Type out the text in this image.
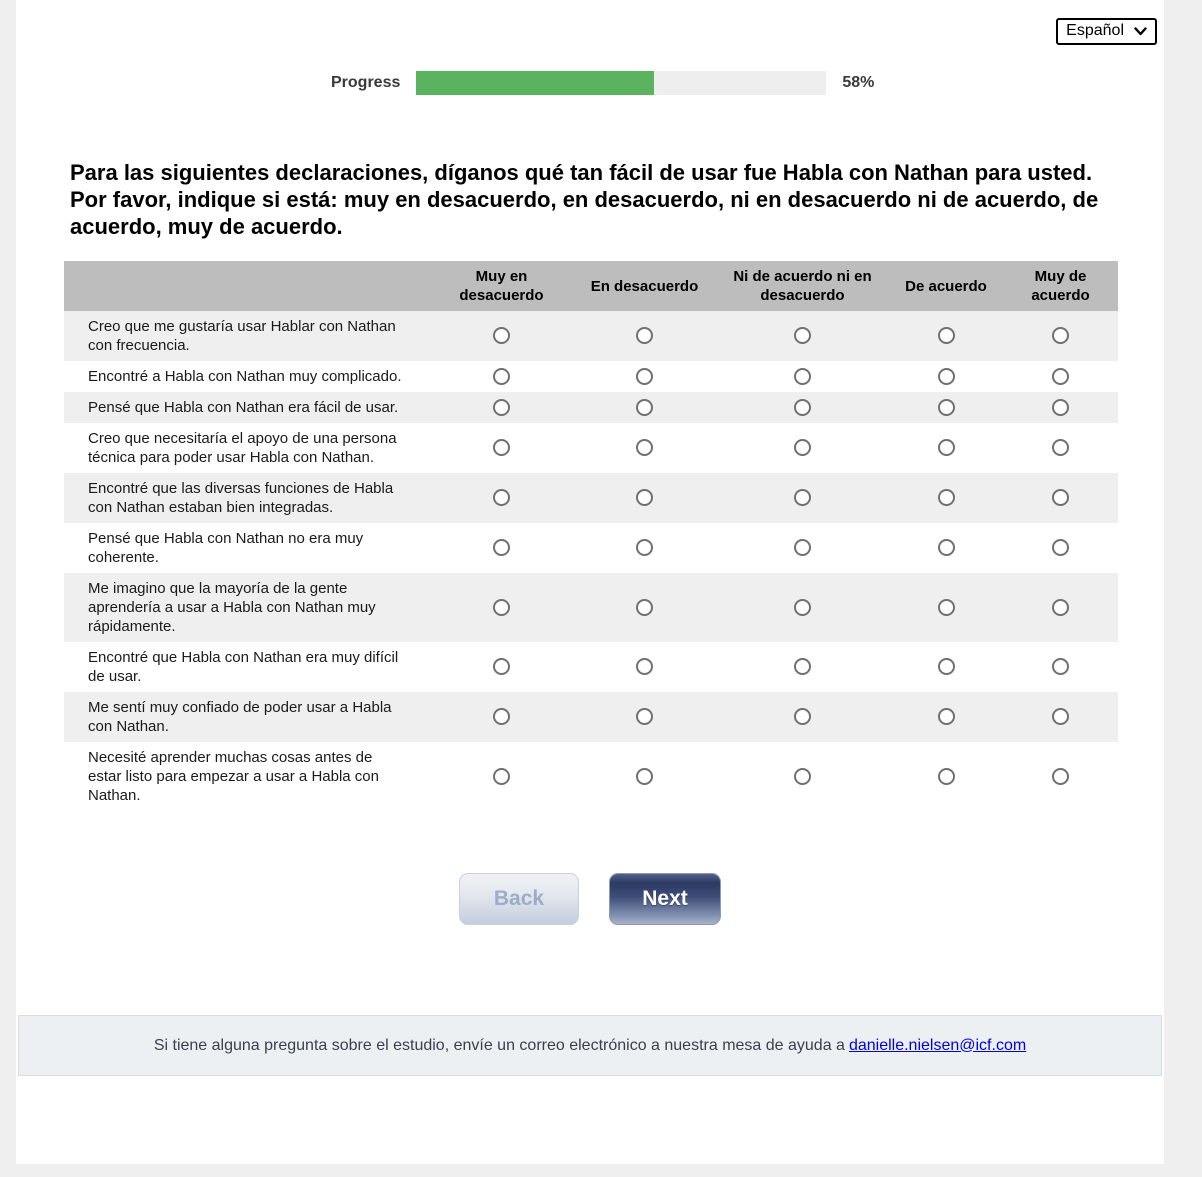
Español
Progress	58%
Para las siguientes declaraciones, díganos qué tan fácil de usar fue Habla con Nathan para usted. Por favor, indique si está: muy en desacuerdo, en desacuerdo, ni en desacuerdo ni de acuerdo, de acuerdo, muy de acuerdo.
Muy en desacuerdo
En desacuerdo
Ni de acuerdo ni en desacuerdo
De acuerdo
Muy de acuerdo
Creo que me gustaría usar Hablar con Nathan con frecuencia.
Encontré a Habla con Nathan muy complicado.
Pensé que Habla con Nathan era fácil de usar.
Creo que necesitaría el apoyo de una persona técnica para poder usar Habla con Nathan.
Encontré que las diversas funciones de Habla con Nathan estaban bien integradas.
Pensé que Habla con Nathan no era muy coherente.
Me imagino que la mayoría de la gente aprendería a usar a Habla con Nathan muy rápidamente.
Encontré que Habla con Nathan era muy difícil de usar.
Me sentí muy confiado de poder usar a Habla con Nathan.
Necesité aprender muchas cosas antes de estar listo para empezar a usar a Habla con Nathan.
Back	Next
Si tiene alguna pregunta sobre el estudio, envíe un correo electrónico a nuestra mesa de ayuda a danielle.nielsen@icf.com
